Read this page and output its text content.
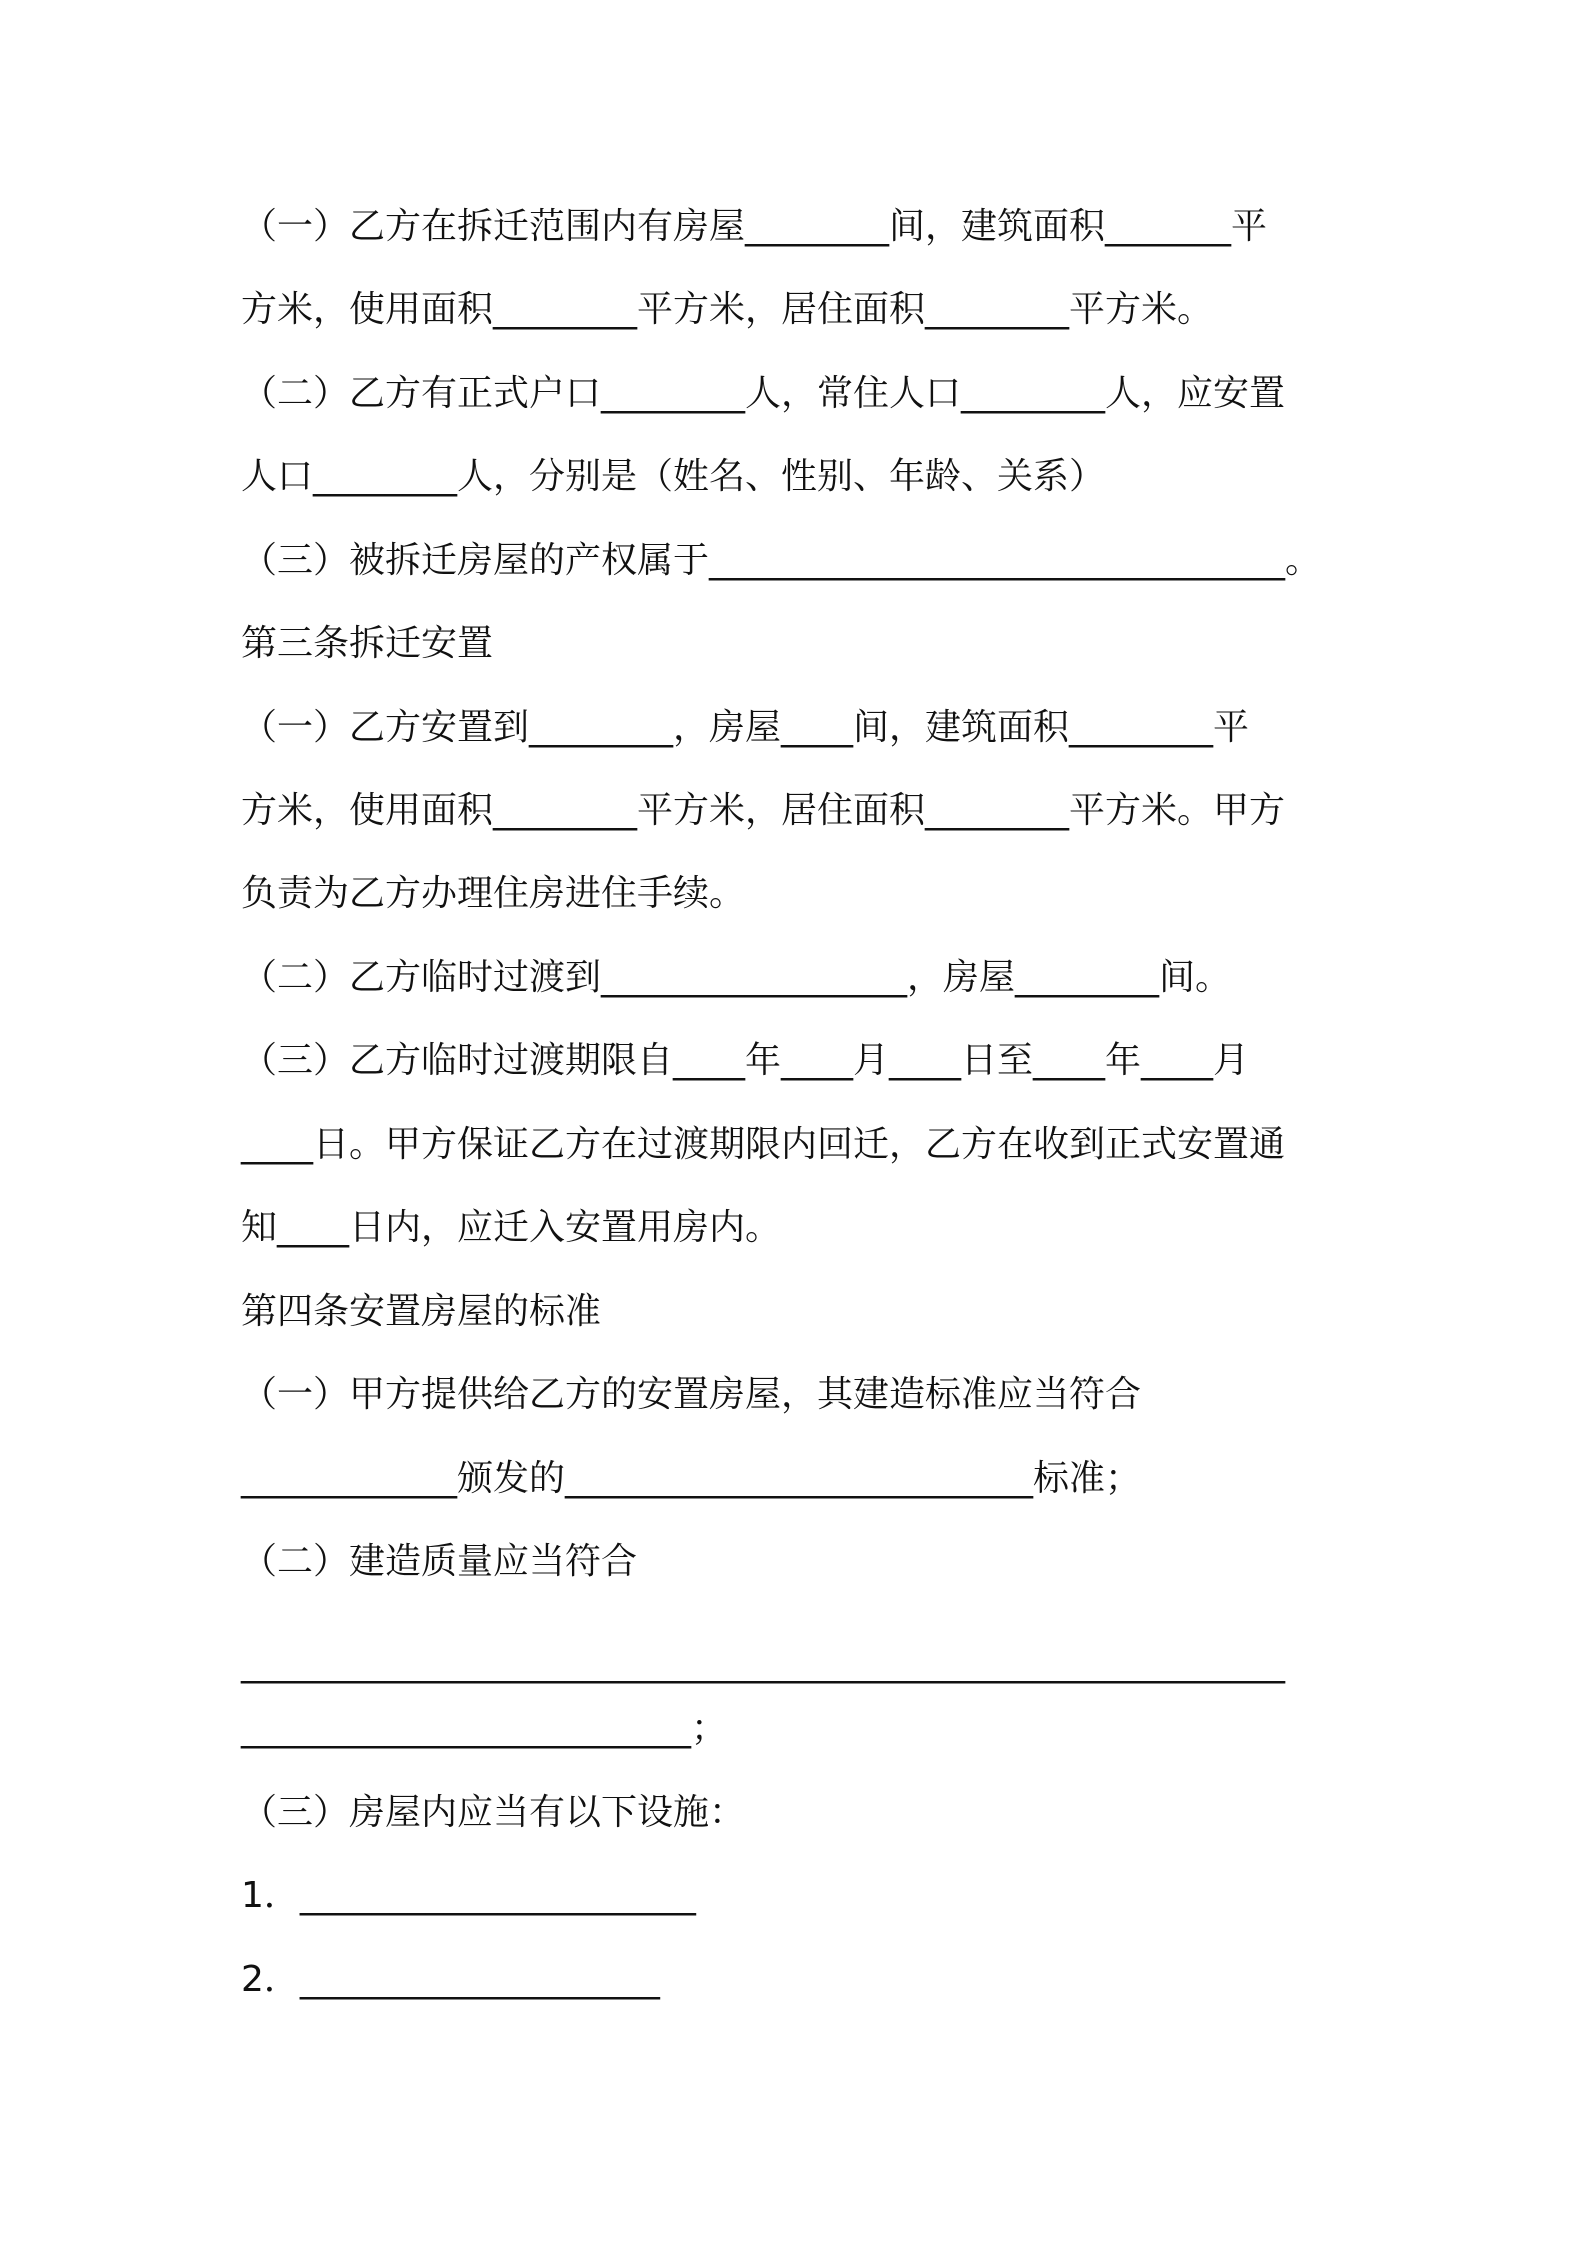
（一）乙方在拆迁范围内有房屋________间，建筑面积_______平
方米，使用面积________平方米，居住面积________平方米。
（二）乙方有正式户口________人，常住人口________人，应安置
人口________人，分别是（姓名、性别、年龄、关系）
（三）被拆迁房屋的产权属于________________________________。
第三条拆迁安置
（一）乙方安置到________，房屋____间，建筑面积________平
方米，使用面积________平方米，居住面积________平方米。甲方
负责为乙方办理住房进住手续。
（二）乙方临时过渡到_________________，房屋________间。
（三）乙方临时过渡期限自____年____月____日至____年____月
____日。甲方保证乙方在过渡期限内回迁，乙方在收到正式安置通
知____日内，应迁入安置用房内。
第四条安置房屋的标准
（一）甲方提供给乙方的安置房屋，其建造标准应当符合
____________颁发的__________________________标准；
（二）建造质量应当符合
__________________________________________________________
_________________________；
（三）房屋内应当有以下设施：
1．______________________
2．____________________
